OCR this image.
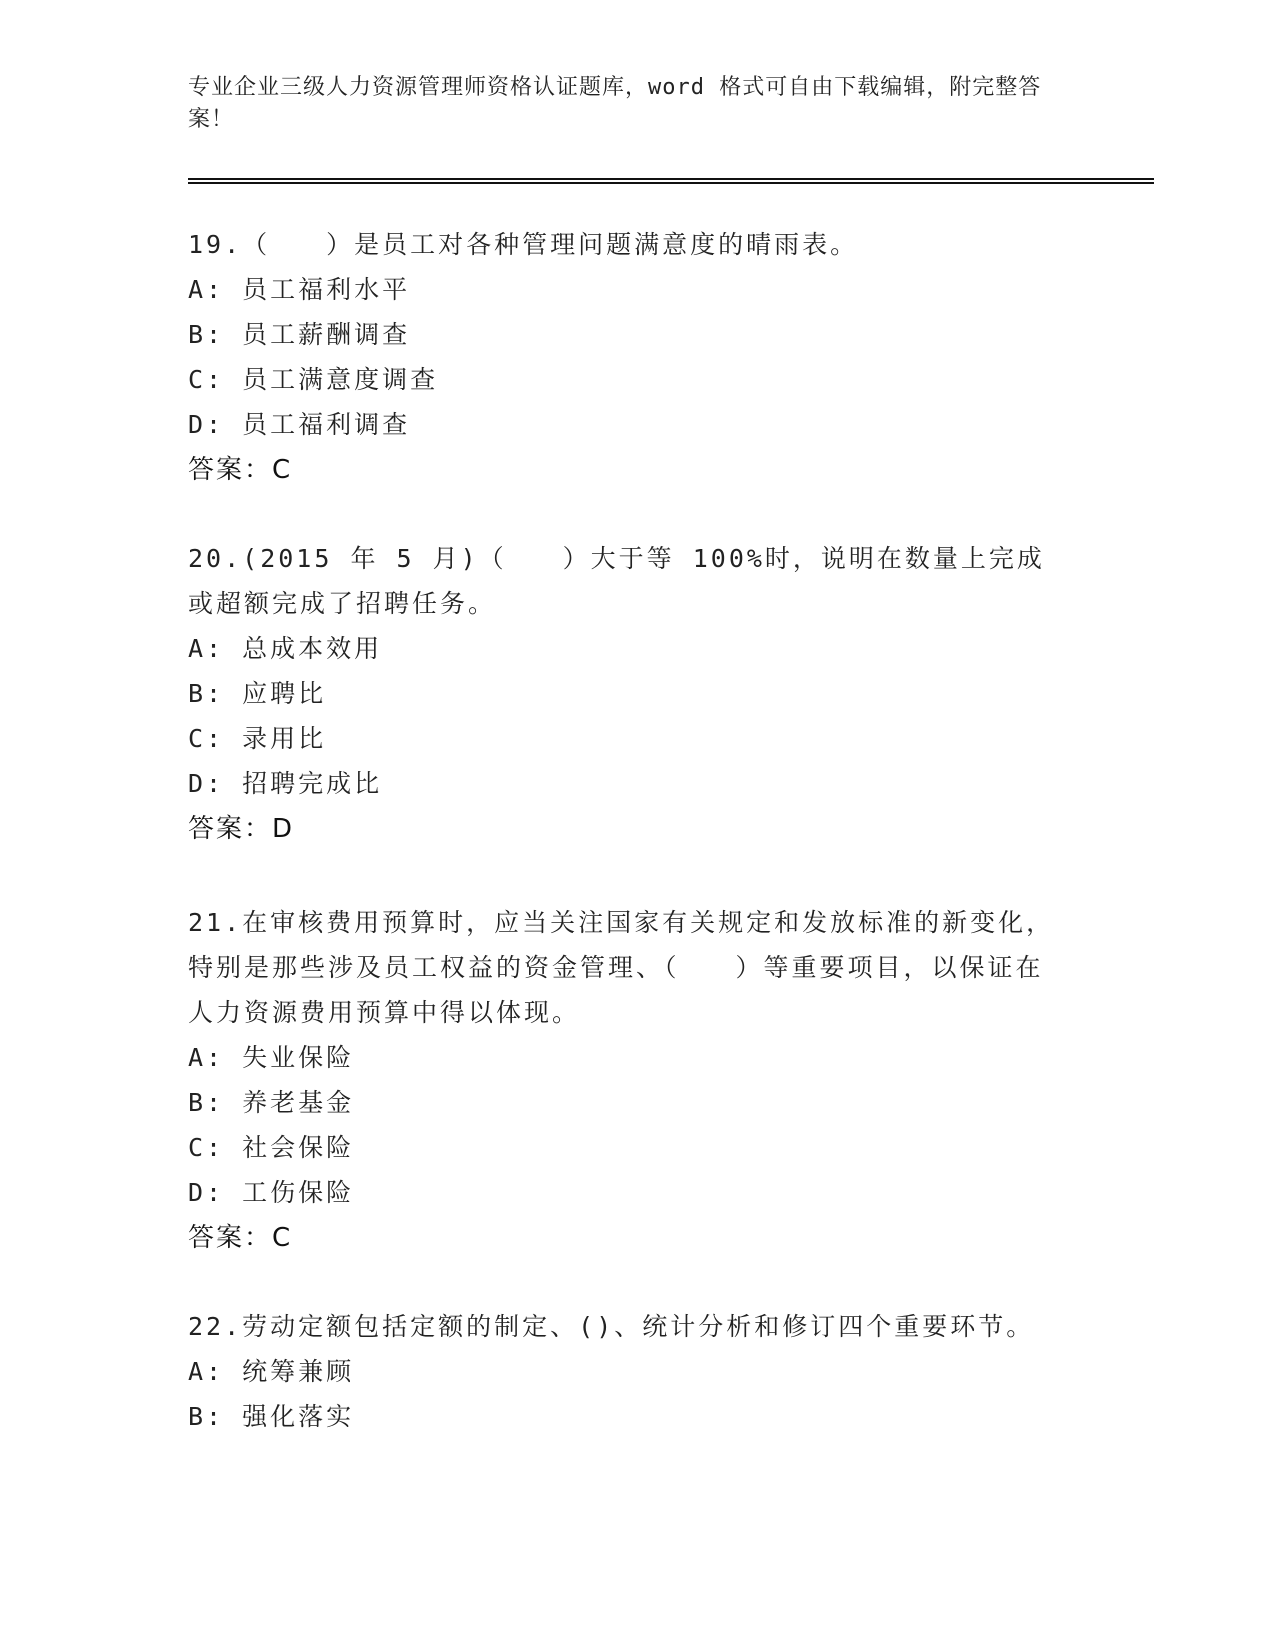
专业企业三级人力资源管理师资格认证题库，word 格式可自由下载编辑，附完整答案！

19.（　　）是员工对各种管理问题满意度的晴雨表。

A: 员工福利水平

B: 员工薪酬调查

C: 员工满意度调查

D: 员工福利调查

答案：C

20.(2015 年 5 月)（　　）大于等 100%时，说明在数量上完成或超额完成了招聘任务。

A: 总成本效用

B: 应聘比

C: 录用比

D: 招聘完成比

答案：D

21.在审核费用预算时，应当关注国家有关规定和发放标准的新变化，特别是那些涉及员工权益的资金管理、（　　）等重要项目，以保证在人力资源费用预算中得以体现。

A: 失业保险

B: 养老基金

C: 社会保险

D: 工伤保险

答案：C

22.劳动定额包括定额的制定、()、统计分析和修订四个重要环节。

A: 统筹兼顾

B: 强化落实
